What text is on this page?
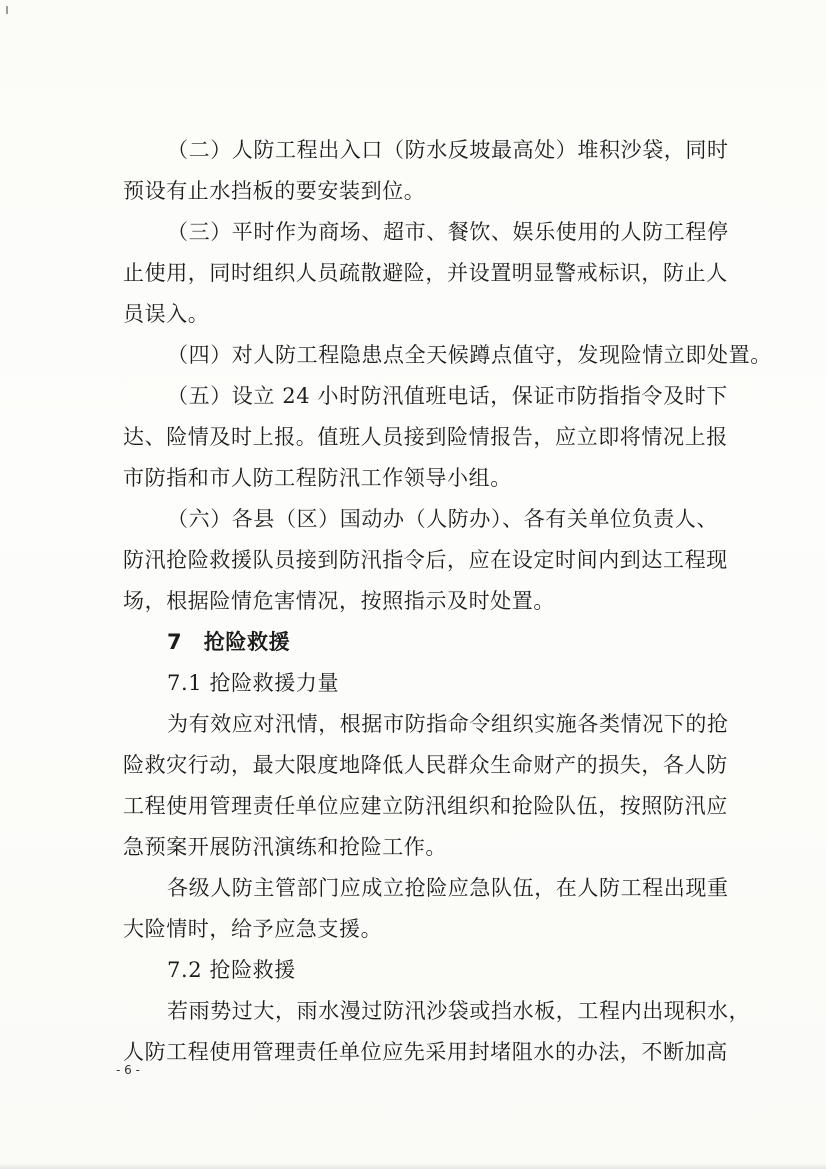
（二）人防工程出入口（防水反坡最高处）堆积沙袋，同时
预设有止水挡板的要安装到位。
（三）平时作为商场、超市、餐饮、娱乐使用的人防工程停
止使用，同时组织人员疏散避险，并设置明显警戒标识，防止人
员误入。
（四）对人防工程隐患点全天候蹲点值守，发现险情立即处置。
（五）设立 24 小时防汛值班电话，保证市防指指令及时下
达、险情及时上报。值班人员接到险情报告，应立即将情况上报
市防指和市人防工程防汛工作领导小组。
（六）各县（区）国动办（人防办）、各有关单位负责人、
防汛抢险救援队员接到防汛指令后，应在设定时间内到达工程现
场，根据险情危害情况，按照指示及时处置。
7　抢险救援
7.1 抢险救援力量
为有效应对汛情，根据市防指命令组织实施各类情况下的抢
险救灾行动，最大限度地降低人民群众生命财产的损失，各人防
工程使用管理责任单位应建立防汛组织和抢险队伍，按照防汛应
急预案开展防汛演练和抢险工作。
各级人防主管部门应成立抢险应急队伍，在人防工程出现重
大险情时，给予应急支援。
7.2 抢险救援
若雨势过大，雨水漫过防汛沙袋或挡水板，工程内出现积水，
人防工程使用管理责任单位应先采用封堵阻水的办法，不断加高
- 6 -
